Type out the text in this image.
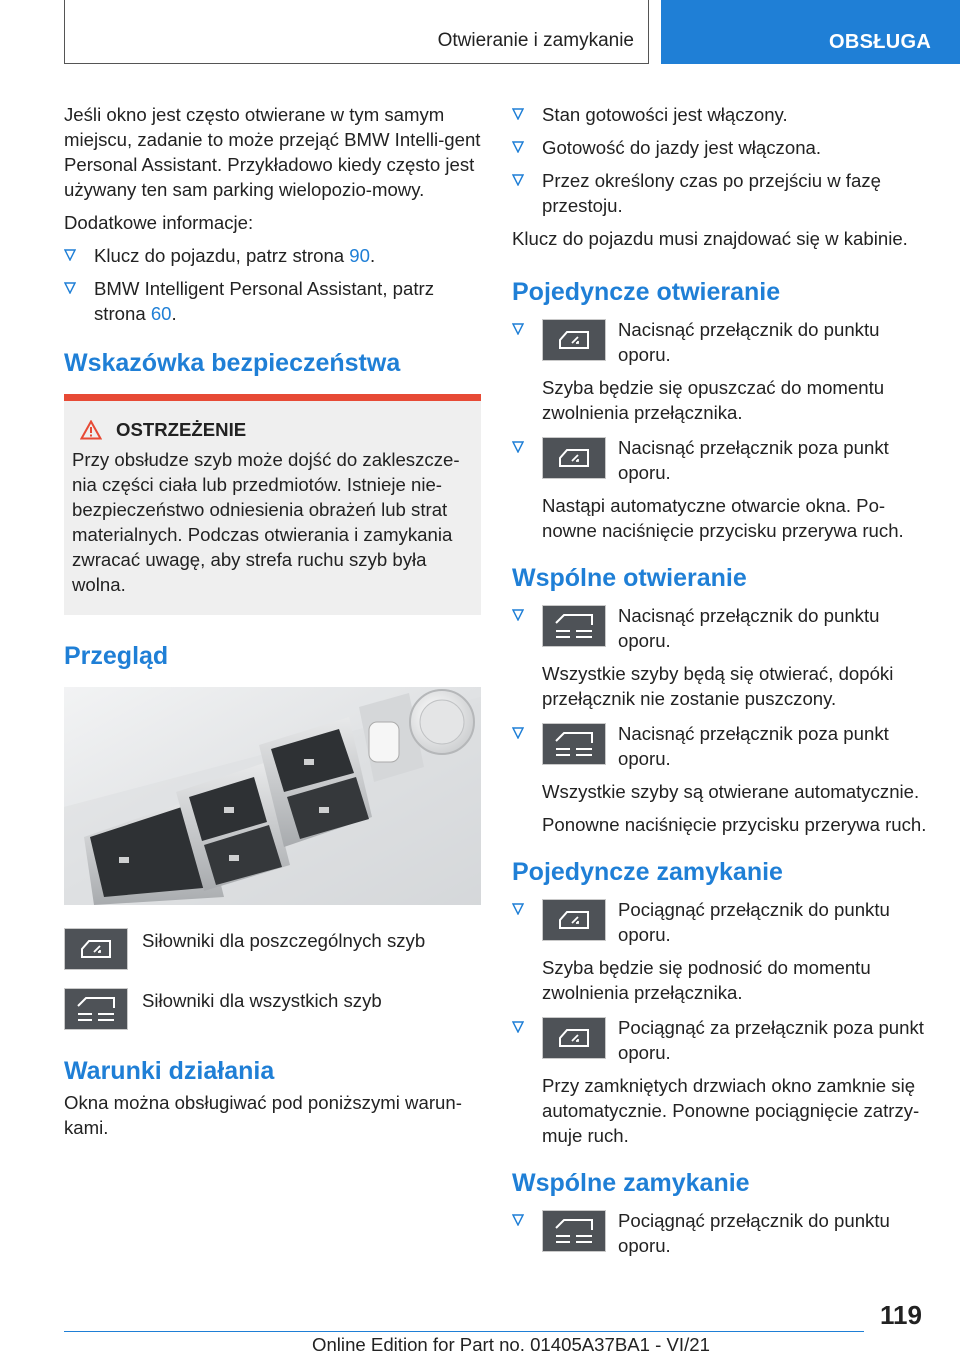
Otwieranie i zamykanie	OBSŁUGA

Jeśli okno jest często otwierane w tym samym miejscu, zadanie to może przejąć BMW Intelli-gent Personal Assistant. Przykładowo kiedy często jest używany ten sam parking wielopozio-mowy.

Dodatkowe informacje:

Klucz do pojazdu, patrz strona 90.
BMW Intelligent Personal Assistant, patrz strona 60.
Wskazówka bezpieczeństwa
OSTRZEŻENIE

Przy obsłudze szyb może dojść do zakleszcze-nia części ciała lub przedmiotów. Istnieje nie-bezpieczeństwo odniesienia obrażeń lub strat materialnych. Podczas otwierania i zamykania zwracać uwagę, aby strefa ruchu szyb była wolna.

Przegląd
Siłowniki dla poszczególnych szyb
Siłowniki dla wszystkich szyb
Warunki działania

Okna można obsługiwać pod poniższymi warun-kami.

Stan gotowości jest włączony.
Gotowość do jazdy jest włączona.
Przez określony czas po przejściu w fazę przestoju.

Klucz do pojazdu musi znajdować się w kabinie.

Pojedyncze otwieranie
Nacisnąć przełącznik do punktu oporu.

Szyba będzie się opuszczać do momentu zwolnienia przełącznika.

Nacisnąć przełącznik poza punkt oporu.

Nastąpi automatyczne otwarcie okna. Po-nowne naciśnięcie przycisku przerywa ruch.

Wspólne otwieranie
Nacisnąć przełącznik do punktu oporu.

Wszystkie szyby będą się otwierać, dopóki przełącznik nie zostanie puszczony.

Nacisnąć przełącznik poza punkt oporu.

Wszystkie szyby są otwierane automatycznie.

Ponowne naciśnięcie przycisku przerywa ruch.

Pojedyncze zamykanie
Pociągnąć przełącznik do punktu oporu.

Szyba będzie się podnosić do momentu zwolnienia przełącznika.

Pociągnąć za przełącznik poza punkt oporu.

Przy zamkniętych drzwiach okno zamknie się automatycznie. Ponowne pociągnięcie zatrzy-muje ruch.

Wspólne zamykanie
Pociągnąć przełącznik do punktu oporu.
119
Online Edition for Part no. 01405A37BA1 - VI/21
